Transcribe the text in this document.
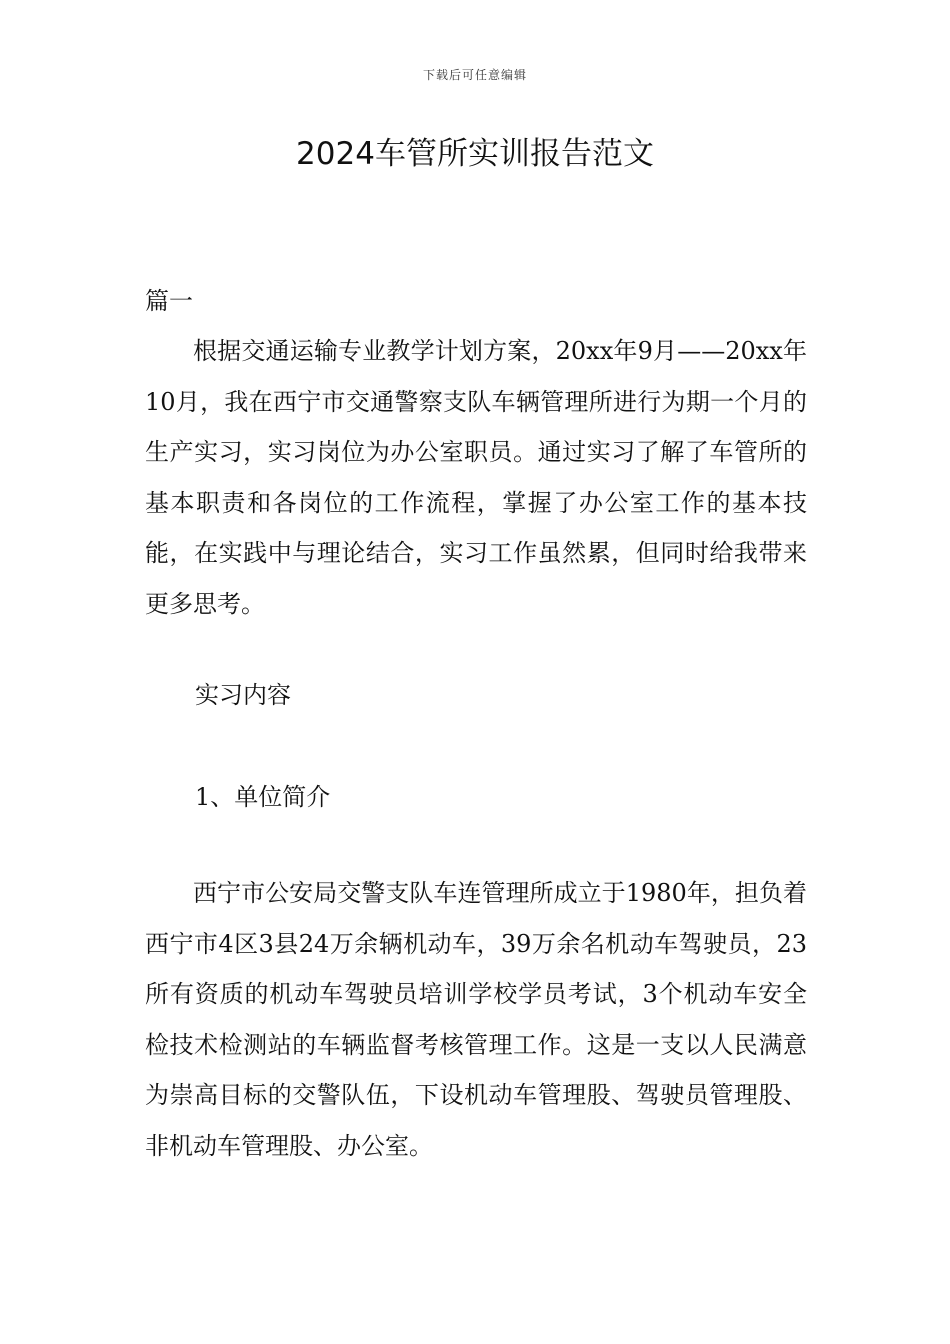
下载后可任意编辑
2024车管所实训报告范文

篇一

根据交通运输专业教学计划方案，20xx年9月——20xx年10月，我在西宁市交通警察支队车辆管理所进行为期一个月的生产实习，实习岗位为办公室职员。通过实习了解了车管所的基本职责和各岗位的工作流程，掌握了办公室工作的基本技能，在实践中与理论结合，实习工作虽然累，但同时给我带来更多思考。

实习内容

1、单位简介

西宁市公安局交警支队车连管理所成立于1980年，担负着西宁市4区3县24万余辆机动车，39万余名机动车驾驶员，23所有资质的机动车驾驶员培训学校学员考试，3个机动车安全检技术检测站的车辆监督考核管理工作。这是一支以人民满意为崇高目标的交警队伍，下设机动车管理股、驾驶员管理股、非机动车管理股、办公室。
